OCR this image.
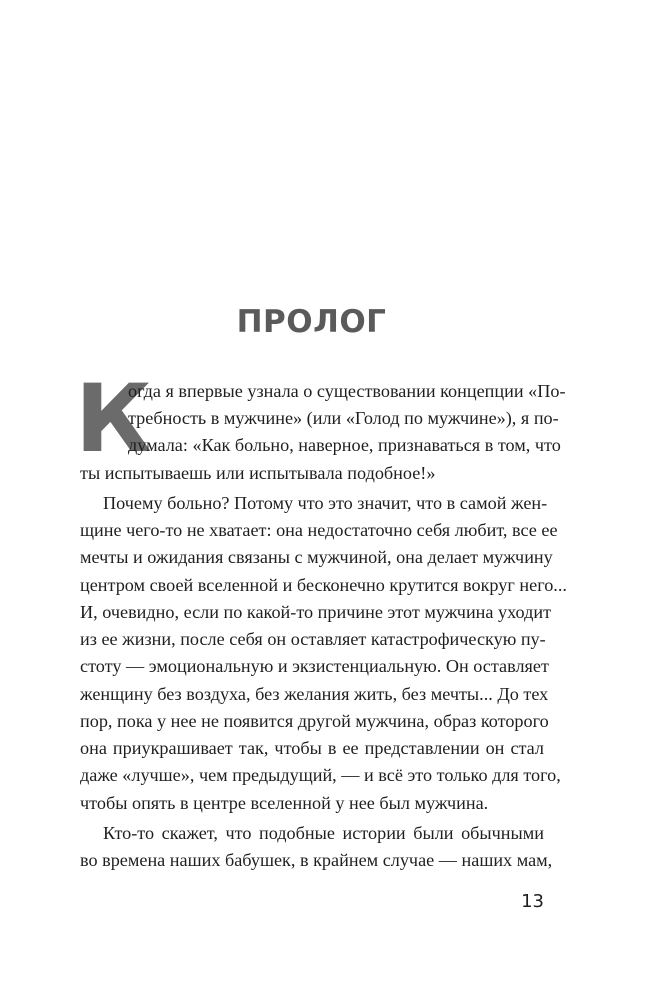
ПРОЛОГ
К
огда я впервые узнала о существовании концепции «По-
требность в мужчине» (или «Голод по мужчине»), я по-
думала: «Как больно, наверное, признаваться в том, что
ты испытываешь или испытывала подобное!»
Почему больно? Потому что это значит, что в самой жен-
щине чего-то не хватает: она недостаточно себя любит, все ее
мечты и ожидания связаны с мужчиной, она делает мужчину
центром своей вселенной и бесконечно крутится вокруг него...
И, очевидно, если по какой-то причине этот мужчина уходит
из ее жизни, после себя он оставляет катастрофическую пу-
стоту — эмоциональную и экзистенциальную. Он оставляет
женщину без воздуха, без желания жить, без мечты... До тех
пор, пока у нее не появится другой мужчина, образ которого
она приукрашивает так, чтобы в ее представлении он стал
даже «лучше», чем предыдущий, — и всё это только для того,
чтобы опять в центре вселенной у нее был мужчина.
Кто-то скажет, что подобные истории были обычными
во времена наших бабушек, в крайнем случае — наших мам,
13
